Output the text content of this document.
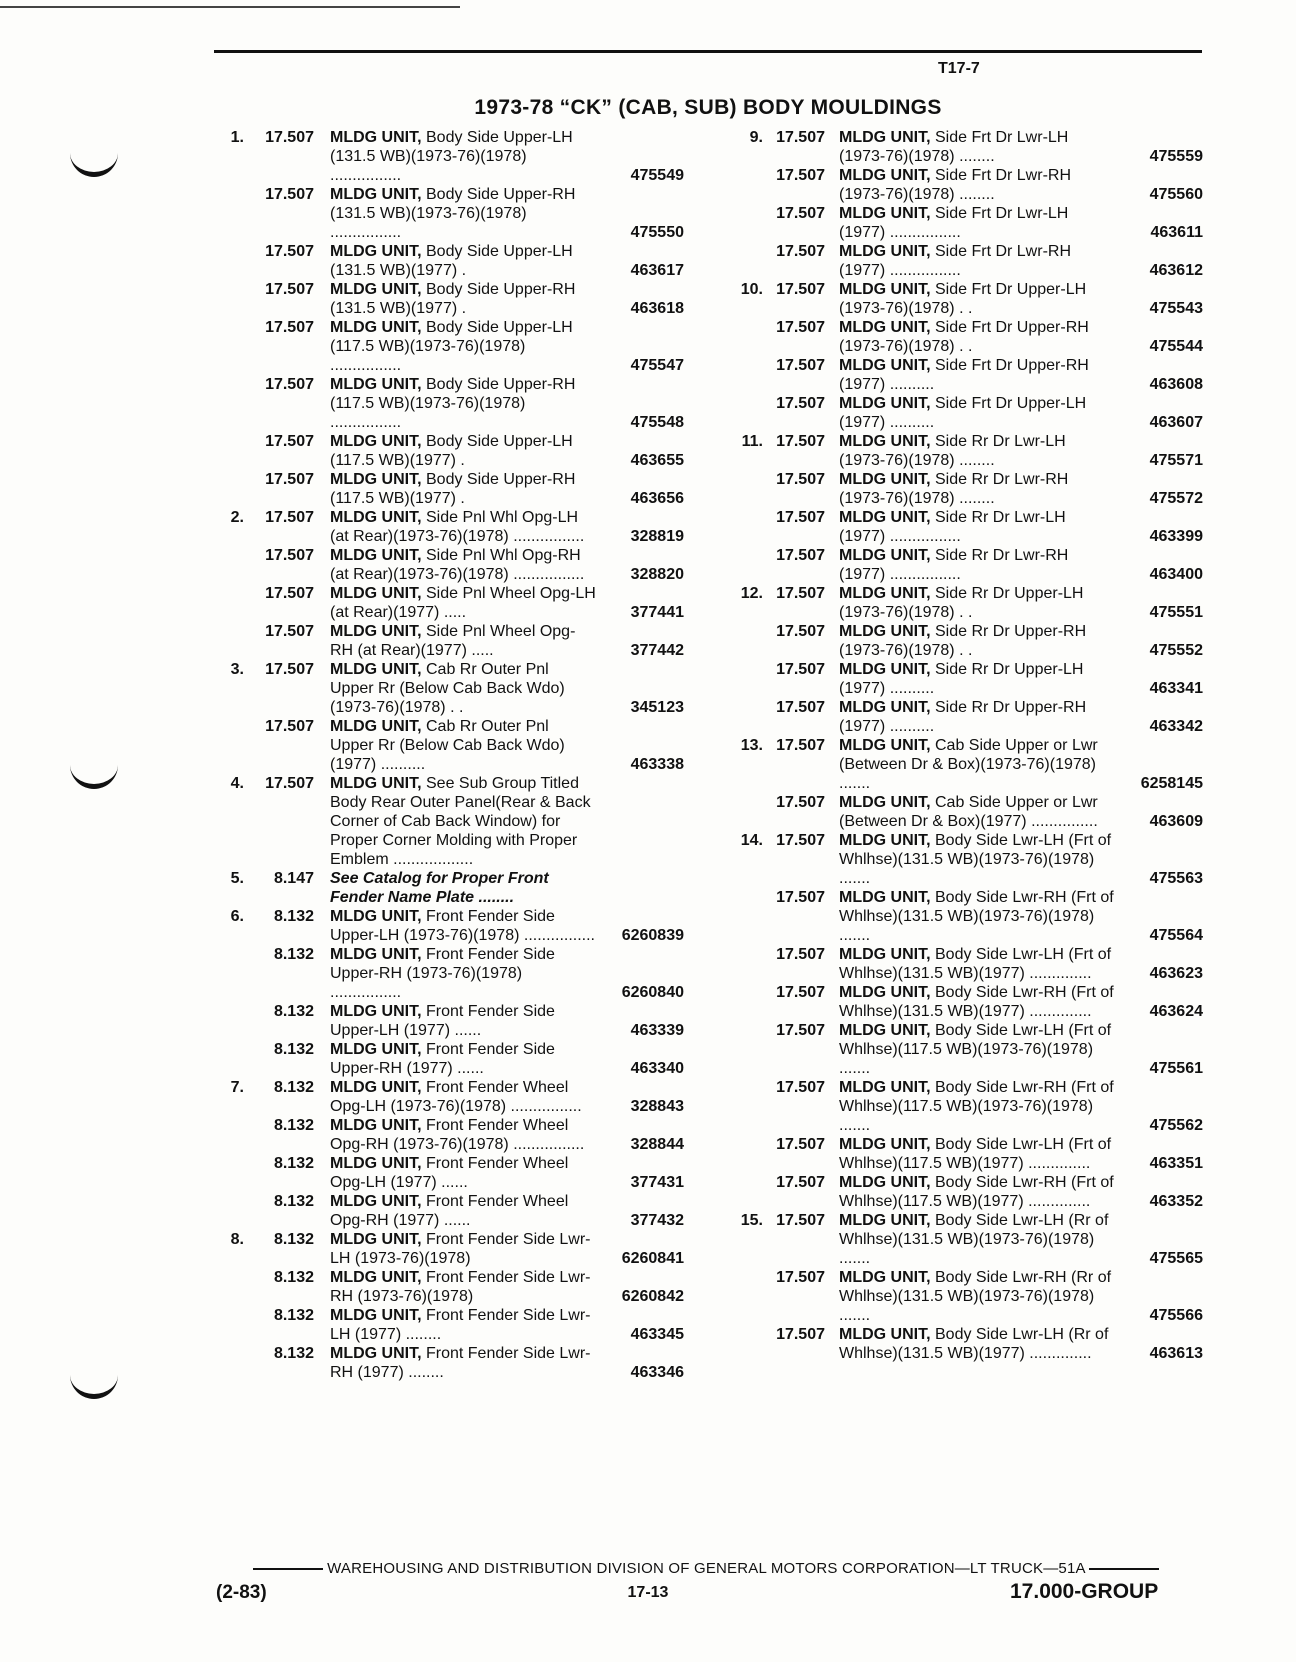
T17-7
1973-78 “CK” (CAB, SUB) BODY MOULDINGS
1.	17.507	MLDG UNIT, Body Side Upper-LH (131.5 WB)(1973-76)(1978) ................	475549
17.507	MLDG UNIT, Body Side Upper-RH (131.5 WB)(1973-76)(1978) ................	475550
17.507	MLDG UNIT, Body Side Upper-LH (131.5 WB)(1977) .	463617
17.507	MLDG UNIT, Body Side Upper-RH (131.5 WB)(1977) .	463618
17.507	MLDG UNIT, Body Side Upper-LH (117.5 WB)(1973-76)(1978) ................	475547
17.507	MLDG UNIT, Body Side Upper-RH (117.5 WB)(1973-76)(1978) ................	475548
17.507	MLDG UNIT, Body Side Upper-LH (117.5 WB)(1977) .	463655
17.507	MLDG UNIT, Body Side Upper-RH (117.5 WB)(1977) .	463656
2.	17.507	MLDG UNIT, Side Pnl Whl Opg-LH (at Rear)(1973-76)(1978) ................	328819
17.507	MLDG UNIT, Side Pnl Whl Opg-RH (at Rear)(1973-76)(1978) ................	328820
17.507	MLDG UNIT, Side Pnl Wheel Opg-LH (at Rear)(1977) .....	377441
17.507	MLDG UNIT, Side Pnl Wheel Opg-RH (at Rear)(1977) .....	377442
3.	17.507	MLDG UNIT, Cab Rr Outer Pnl Upper Rr (Below Cab Back Wdo)(1973-76)(1978) . .	345123
17.507	MLDG UNIT, Cab Rr Outer Pnl Upper Rr (Below Cab Back Wdo)(1977) ..........	463338
4.	17.507	MLDG UNIT, See Sub Group Titled Body Rear Outer Panel(Rear & Back Corner of Cab Back Window) for Proper Corner Molding with Proper Emblem ..................
5.	8.147	See Catalog for Proper Front Fender Name Plate ........
6.	8.132	MLDG UNIT, Front Fender Side Upper-LH (1973-76)(1978) ................	6260839
8.132	MLDG UNIT, Front Fender Side Upper-RH (1973-76)(1978) ................	6260840
8.132	MLDG UNIT, Front Fender Side Upper-LH (1977) ......	463339
8.132	MLDG UNIT, Front Fender Side Upper-RH (1977) ......	463340
7.	8.132	MLDG UNIT, Front Fender Wheel Opg-LH (1973-76)(1978) ................	328843
8.132	MLDG UNIT, Front Fender Wheel Opg-RH (1973-76)(1978) ................	328844
8.132	MLDG UNIT, Front Fender Wheel Opg-LH (1977) ......	377431
8.132	MLDG UNIT, Front Fender Wheel Opg-RH (1977) ......	377432
8.	8.132	MLDG UNIT, Front Fender Side Lwr-LH (1973-76)(1978)	6260841
8.132	MLDG UNIT, Front Fender Side Lwr-RH (1973-76)(1978)	6260842
8.132	MLDG UNIT, Front Fender Side Lwr-LH (1977) ........	463345
8.132	MLDG UNIT, Front Fender Side Lwr-RH (1977) ........	463346
9. 17.507 MLDG UNIT, Side Frt Dr Lwr-LH (1973-76)(1978) ........	475559
17.507 MLDG UNIT, Side Frt Dr Lwr-RH (1973-76)(1978) ........	475560
17.507 MLDG UNIT, Side Frt Dr Lwr-LH (1977) ................	463611
17.507 MLDG UNIT, Side Frt Dr Lwr-RH (1977) ................	463612
10. 17.507 MLDG UNIT, Side Frt Dr Upper-LH (1973-76)(1978) . .	475543
17.507 MLDG UNIT, Side Frt Dr Upper-RH (1973-76)(1978) . .	475544
17.507 MLDG UNIT, Side Frt Dr Upper-RH (1977) ..........	463608
17.507 MLDG UNIT, Side Frt Dr Upper-LH (1977) ..........	463607
11. 17.507 MLDG UNIT, Side Rr Dr Lwr-LH (1973-76)(1978) ........	475571
17.507 MLDG UNIT, Side Rr Dr Lwr-RH (1973-76)(1978) ........	475572
17.507 MLDG UNIT, Side Rr Dr Lwr-LH (1977) ................	463399
17.507 MLDG UNIT, Side Rr Dr Lwr-RH (1977) ................	463400
12. 17.507 MLDG UNIT, Side Rr Dr Upper-LH (1973-76)(1978) . .	475551
17.507 MLDG UNIT, Side Rr Dr Upper-RH (1973-76)(1978) . .	475552
17.507 MLDG UNIT, Side Rr Dr Upper-LH (1977) ..........	463341
17.507 MLDG UNIT, Side Rr Dr Upper-RH (1977) ..........	463342
13. 17.507 MLDG UNIT, Cab Side Upper or Lwr (Between Dr & Box)(1973-76)(1978) .......	6258145
17.507 MLDG UNIT, Cab Side Upper or Lwr (Between Dr & Box)(1977) ...............	463609
14. 17.507 MLDG UNIT, Body Side Lwr-LH (Frt of Whlhse)(131.5 WB)(1973-76)(1978) .......	475563
17.507 MLDG UNIT, Body Side Lwr-RH (Frt of Whlhse)(131.5 WB)(1973-76)(1978) .......	475564
17.507 MLDG UNIT, Body Side Lwr-LH (Frt of Whlhse)(131.5 WB)(1977) ..............	463623
17.507 MLDG UNIT, Body Side Lwr-RH (Frt of Whlhse)(131.5 WB)(1977) ..............	463624
17.507 MLDG UNIT, Body Side Lwr-LH (Frt of Whlhse)(117.5 WB)(1973-76)(1978) .......	475561
17.507 MLDG UNIT, Body Side Lwr-RH (Frt of Whlhse)(117.5 WB)(1973-76)(1978) .......	475562
17.507 MLDG UNIT, Body Side Lwr-LH (Frt of Whlhse)(117.5 WB)(1977) ..............	463351
17.507 MLDG UNIT, Body Side Lwr-RH (Frt of Whlhse)(117.5 WB)(1977) ..............	463352
15. 17.507 MLDG UNIT, Body Side Lwr-LH (Rr of Whlhse)(131.5 WB)(1973-76)(1978) .......	475565
17.507 MLDG UNIT, Body Side Lwr-RH (Rr of Whlhse)(131.5 WB)(1973-76)(1978) .......	475566
17.507 MLDG UNIT, Body Side Lwr-LH (Rr of Whlhse)(131.5 WB)(1977) ..............	463613
WAREHOUSING AND DISTRIBUTION DIVISION OF GENERAL MOTORS CORPORATION—LT TRUCK—51A
(2-83)	17-13	17.000-GROUP
